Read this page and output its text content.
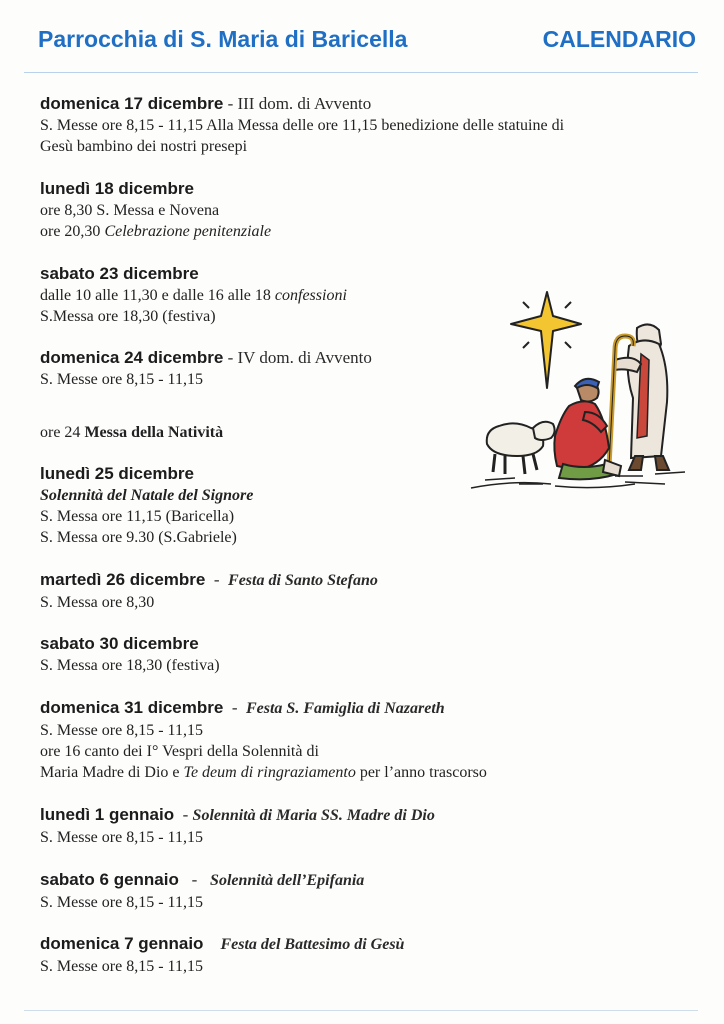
Parrocchia di S. Maria di Baricella	CALENDARIO
domenica 17 dicembre - III dom. di Avvento
S. Messe ore 8,15 - 11,15 Alla Messa delle ore 11,15 benedizione delle statuine di
Gesù bambino dei nostri presepi
lunedì 18 dicembre
ore 8,30 S. Messa e Novena
ore 20,30 Celebrazione penitenziale
sabato 23 dicembre
dalle 10 alle 11,30 e dalle 16 alle 18 confessioni
S.Messa ore 18,30 (festiva)
domenica 24 dicembre - IV dom. di Avvento
S. Messe ore 8,15 - 11,15
ore 24 Messa della Natività
lunedì 25 dicembre
Solennità del Natale del Signore
S. Messa ore 11,15 (Baricella)
S. Messa ore 9.30 (S.Gabriele)
martedì 26 dicembre  -  Festa di Santo Stefano
S. Messa ore 8,30
sabato 30 dicembre
S. Messa ore 18,30 (festiva)
domenica 31 dicembre  -  Festa S. Famiglia di Nazareth
S. Messe ore 8,15 - 11,15
ore 16 canto dei I° Vespri della Solennità di
Maria Madre di Dio e Te deum di ringraziamento per l’anno trascorso
lunedì 1 gennaio  - Solennità di Maria SS. Madre di Dio
S. Messe ore 8,15 - 11,15
sabato 6 gennaio   -   Solennità dell’Epifania
S. Messe ore 8,15 - 11,15
domenica 7 gennaio Festa del Battesimo di Gesù
S. Messe ore 8,15 - 11,15
